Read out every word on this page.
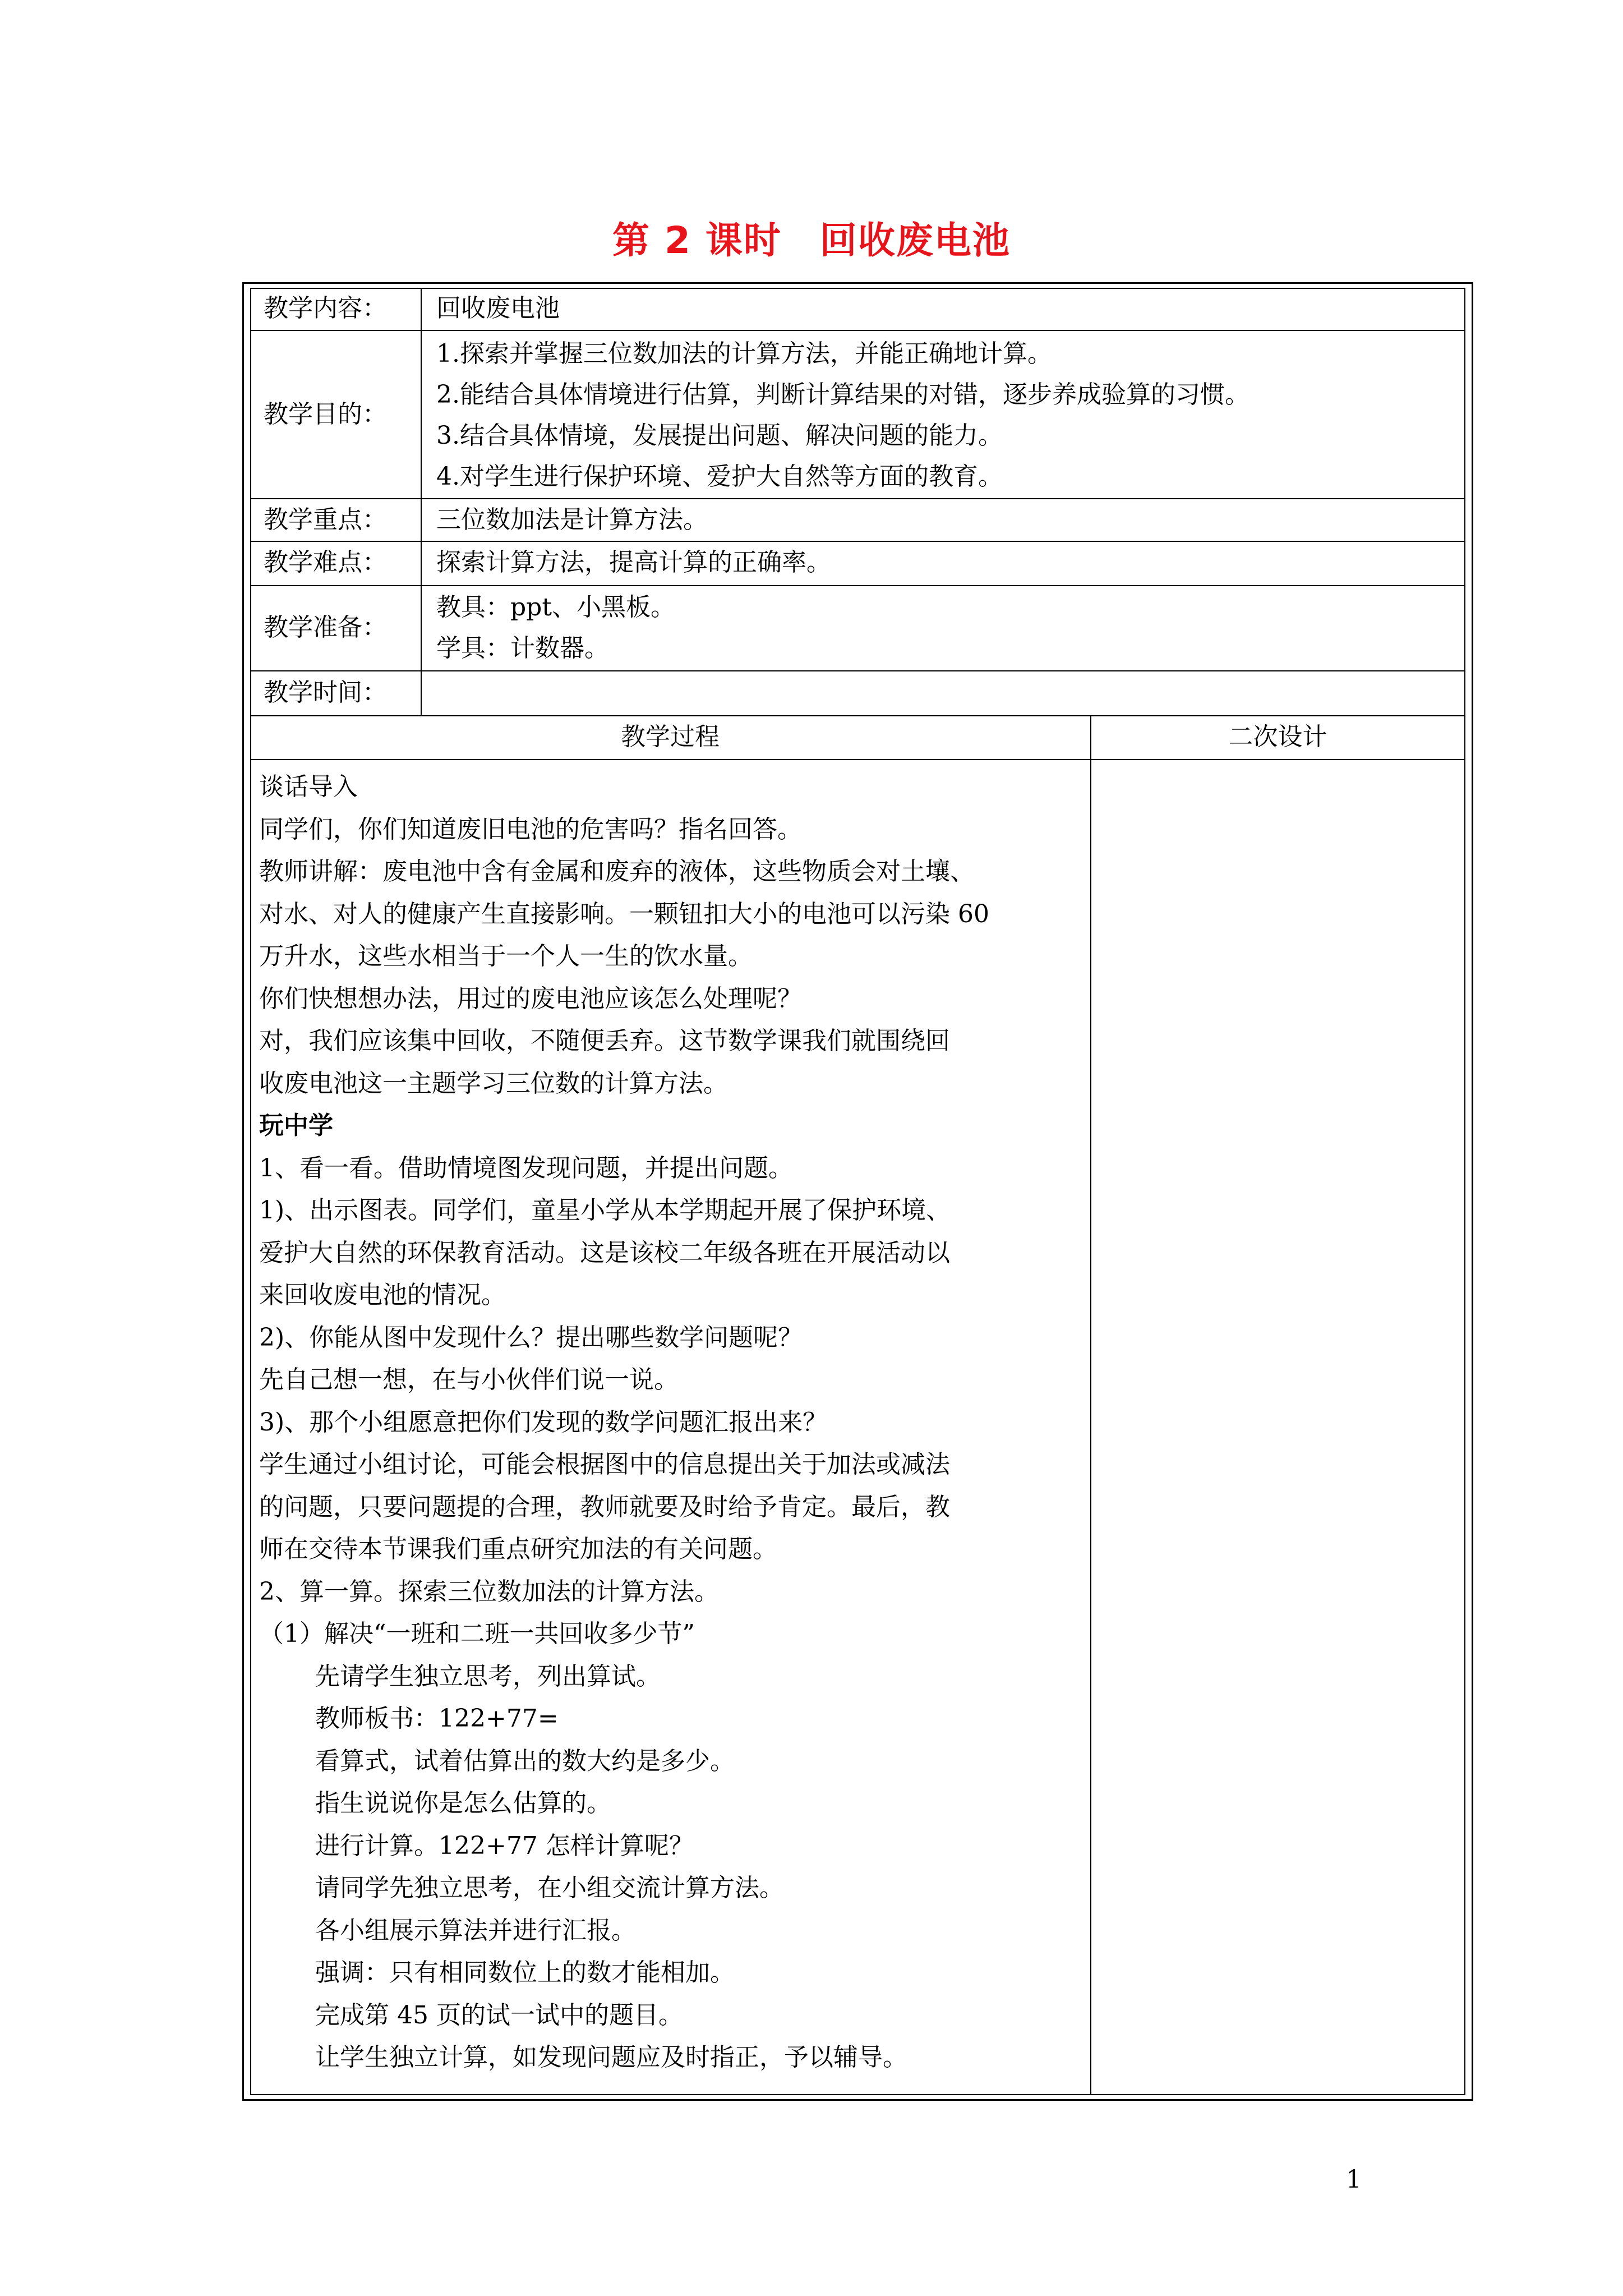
第 2 课时　回收废电池
教学内容： 回收废电池
教学目的：
1.探索并掌握三位数加法的计算方法，并能正确地计算。
2.能结合具体情境进行估算，判断计算结果的对错，逐步养成验算的习惯。
3.结合具体情境，发展提出问题、解决问题的能力。
4.对学生进行保护环境、爱护大自然等方面的教育。
教学重点： 三位数加法是计算方法。
教学难点： 探索计算方法，提高计算的正确率。
教学准备：
教具：ppt、小黑板。
学具：计数器。
教学时间：
教学过程	二次设计

谈话导入

同学们，你们知道废旧电池的危害吗？指名回答。

教师讲解：废电池中含有金属和废弃的液体，这些物质会对土壤、

对水、对人的健康产生直接影响。一颗钮扣大小的电池可以污染 60

万升水，这些水相当于一个人一生的饮水量。

你们快想想办法，用过的废电池应该怎么处理呢？

对，我们应该集中回收，不随便丢弃。这节数学课我们就围绕回

收废电池这一主题学习三位数的计算方法。

玩中学

1、看一看。借助情境图发现问题，并提出问题。

1)、出示图表。同学们，童星小学从本学期起开展了保护环境、

爱护大自然的环保教育活动。这是该校二年级各班在开展活动以

来回收废电池的情况。

2)、你能从图中发现什么？提出哪些数学问题呢？

先自己想一想，在与小伙伴们说一说。

3)、那个小组愿意把你们发现的数学问题汇报出来？

学生通过小组讨论，可能会根据图中的信息提出关于加法或减法

的问题，只要问题提的合理，教师就要及时给予肯定。最后，教

师在交待本节课我们重点研究加法的有关问题。

2、算一算。探索三位数加法的计算方法。

（1）解决“一班和二班一共回收多少节”

先请学生独立思考，列出算试。

教师板书：122+77=

看算式，试着估算出的数大约是多少。

指生说说你是怎么估算的。

进行计算。122+77 怎样计算呢？

请同学先独立思考，在小组交流计算方法。

各小组展示算法并进行汇报。

强调：只有相同数位上的数才能相加。

完成第 45 页的试一试中的题目。

让学生独立计算，如发现问题应及时指正，予以辅导。

1
